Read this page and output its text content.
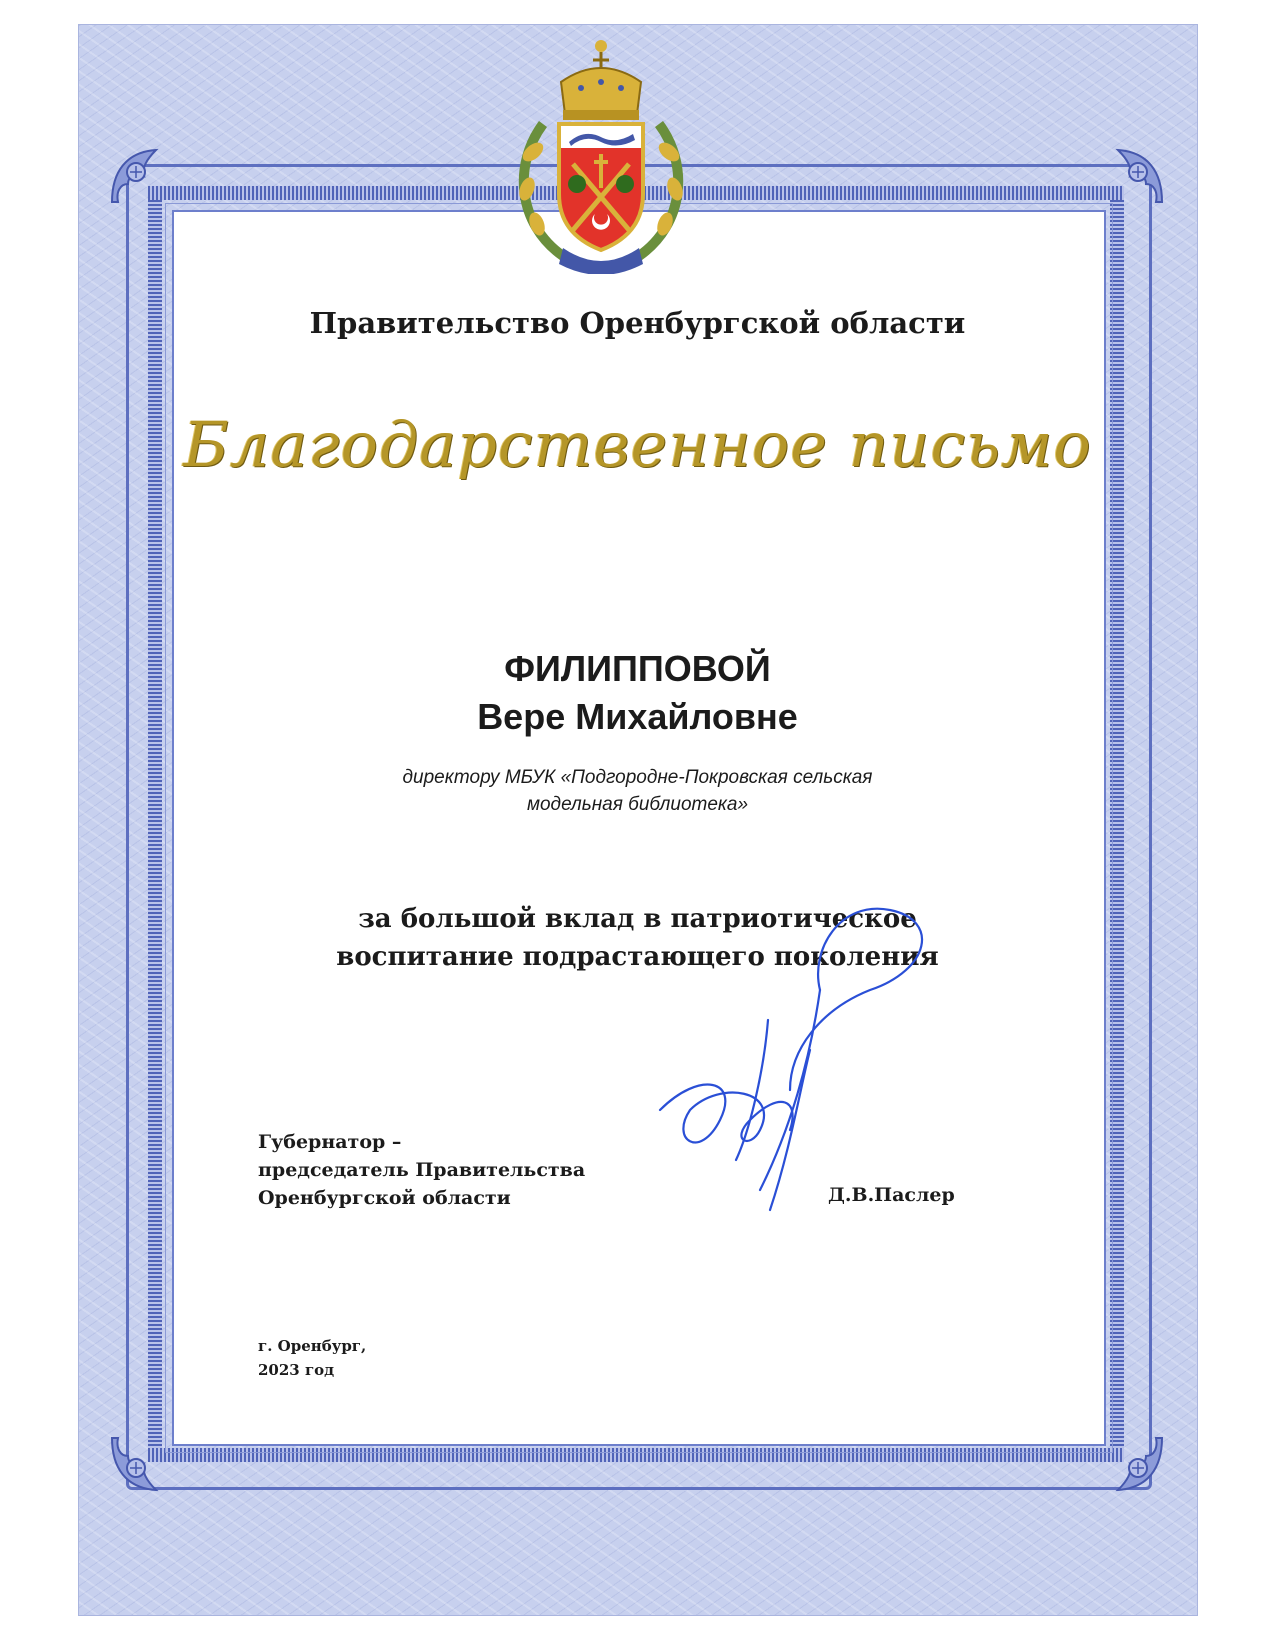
Правительство Оренбургской области
Благодарственное письмо
ФИЛИППОВОЙ
Вере Михайловне
директору МБУК «Подгородне-Покровская сельская
модельная библиотека»
за большой вклад в патриотическое
воспитание подрастающего поколения
Губернатор –
председатель Правительства
Оренбургской области	Д.В.Паслер
г. Оренбург,
2023 год
